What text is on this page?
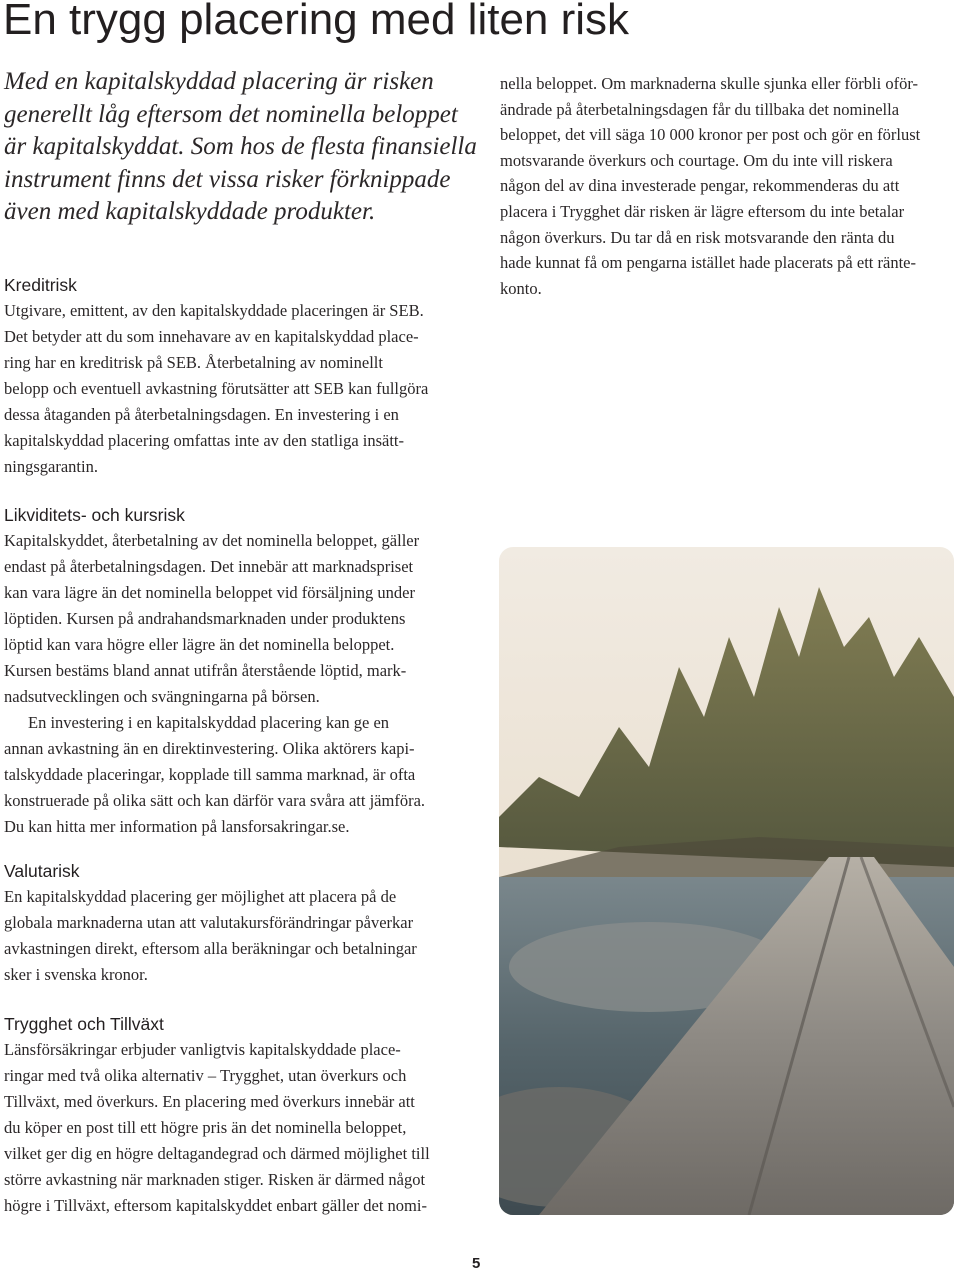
En trygg placering med liten risk
Med en kapitalskyddad placering är risken
generellt låg eftersom det nominella beloppet
är kapitalskyddat. Som hos de flesta finansiella
instrument finns det vissa risker förknippade
även med kapitalskyddade produkter.
Kreditrisk

Utgivare, emittent, av den kapitalskyddade placeringen är SEB.
Det betyder att du som innehavare av en kapitalskyddad place-
ring har en kreditrisk på SEB. Återbetalning av nominellt
belopp och eventuell avkastning förutsätter att SEB kan fullgöra
dessa åtaganden på återbetalningsdagen. En investering i en
kapitalskyddad placering omfattas inte av den statliga insätt-
ningsgarantin.

Likviditets- och kursrisk

Kapitalskyddet, återbetalning av det nominella beloppet, gäller
endast på återbetalningsdagen. Det innebär att marknadspriset
kan vara lägre än det nominella beloppet vid försäljning under
löptiden. Kursen på andrahandsmarknaden under produktens
löptid kan vara högre eller lägre än det nominella beloppet.
Kursen bestäms bland annat utifrån återstående löptid, mark-
nadsutvecklingen och svängningarna på börsen.

En investering i en kapitalskyddad placering kan ge en
annan avkastning än en direktinvestering. Olika aktörers kapi-
talskyddade placeringar, kopplade till samma marknad, är ofta
konstruerade på olika sätt och kan därför vara svåra att jämföra.
Du kan hitta mer information på lansforsakringar.se.

Valutarisk

En kapitalskyddad placering ger möjlighet att placera på de
globala marknaderna utan att valutakursförändringar påverkar
avkastningen direkt, eftersom alla beräkningar och betalningar
sker i svenska kronor.

Trygghet och Tillväxt

Länsförsäkringar erbjuder vanligtvis kapitalskyddade place-
ringar med två olika alternativ – Trygghet, utan överkurs och
Tillväxt, med överkurs. En placering med överkurs innebär att
du köper en post till ett högre pris än det nominella beloppet,
vilket ger dig en högre deltagandegrad och därmed möjlighet till
större avkastning när marknaden stiger. Risken är därmed något
högre i Tillväxt, eftersom kapitalskyddet enbart gäller det nomi-

nella beloppet. Om marknaderna skulle sjunka eller förbli oför-
ändrade på återbetalningsdagen får du tillbaka det nominella
beloppet, det vill säga 10 000 kronor per post och gör en förlust
motsvarande överkurs och courtage. Om du inte vill riskera
någon del av dina investerade pengar, rekommenderas du att
placera i Trygghet där risken är lägre eftersom du inte betalar
någon överkurs. Du tar då en risk motsvarande den ränta du
hade kunnat få om pengarna istället hade placerats på ett ränte-
konto.
5
